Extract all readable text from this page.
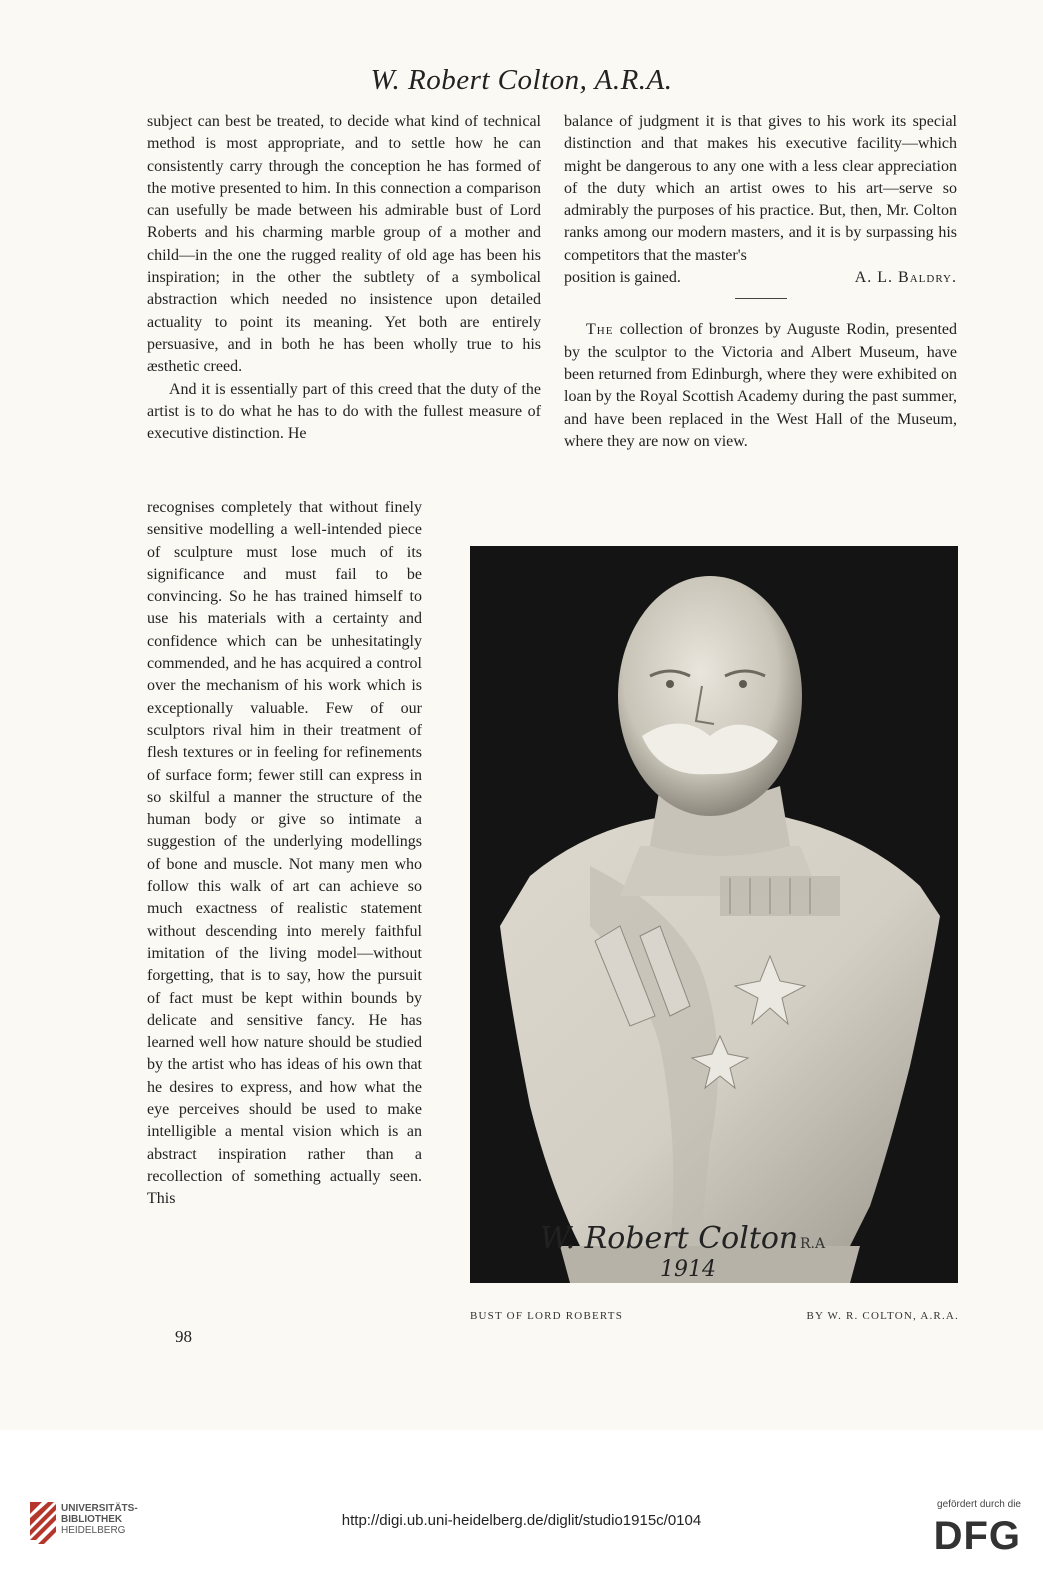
W. Robert Colton, A.R.A.

subject can best be treated, to decide what kind of technical method is most appropriate, and to settle how he can consistently carry through the conception he has formed of the motive presented to him. In this connection a comparison can usefully be made between his admirable bust of Lord Roberts and his charming marble group of a mother and child—in the one the rugged reality of old age has been his inspiration; in the other the subtlety of a symbolical abstraction which needed no insistence upon detailed actuality to point its meaning. Yet both are entirely persuasive, and in both he has been wholly true to his æsthetic creed.

And it is essentially part of this creed that the duty of the artist is to do what he has to do with the fullest measure of executive distinction. He

recognises completely that without finely sensitive modelling a well-intended piece of sculpture must lose much of its significance and must fail to be convincing. So he has trained himself to use his materials with a certainty and confidence which can be unhesitatingly commended, and he has acquired a control over the mechanism of his work which is exceptionally valuable. Few of our sculptors rival him in their treatment of flesh textures or in feeling for refinements of surface form; fewer still can express in so skilful a manner the structure of the human body or give so intimate a suggestion of the underlying modellings of bone and muscle. Not many men who follow this walk of art can achieve so much exactness of realistic statement without descending into merely faithful imitation of the living model—without forgetting, that is to say, how the pursuit of fact must be kept within bounds by delicate and sensitive fancy. He has learned well how nature should be studied by the artist who has ideas of his own that he desires to express, and how what the eye perceives should be used to make intelligible a mental vision which is an abstract inspiration rather than a recollection of something actually seen. This

balance of judgment it is that gives to his work its special distinction and that makes his executive facility—which might be dangerous to any one with a less clear appreciation of the duty which an artist owes to his art—serve so admirably the purposes of his practice. But, then, Mr. Colton ranks among our modern masters, and it is by surpassing his competitors that the master's

position is gained.	A. L. Baldry.

The collection of bronzes by Auguste Rodin, presented by the sculptor to the Victoria and Albert Museum, have been returned from Edinburgh, where they were exhibited on loan by the Royal Scottish Academy during the past summer, and have been replaced in the West Hall of the Museum, where they are now on view.

W. Robert Colton R.A
1914
BUST OF LORD ROBERTS	BY W. R. COLTON, A.R.A.
98
UNIVERSITÄTS-
BIBLIOTHEK
HEIDELBERG
http://digi.ub.uni-heidelberg.de/diglit/studio1915c/0104
gefördert durch die
DFG
